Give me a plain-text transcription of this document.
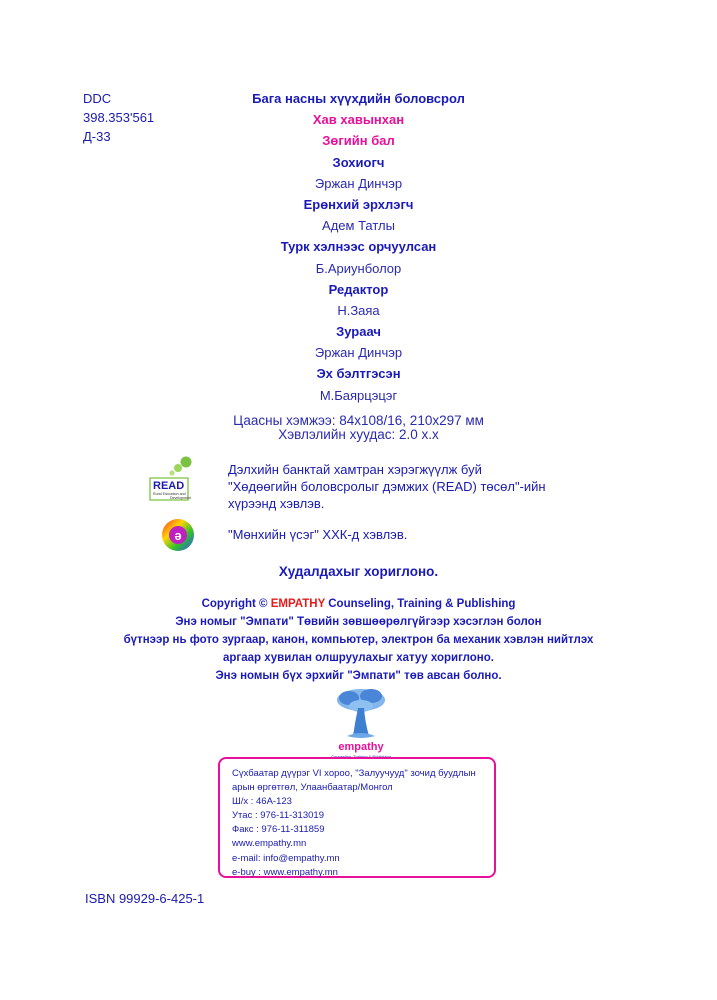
DDC
398.353'561
Д-33
Бага насны хүүхдийн боловсрол
Хав хавынхан
Зөгийн бал
Зохиогч
Эржан Динчэр
Ерөнхий эрхлэгч
Адем Татлы
Турк хэлнээс орчуулсан
Б.Ариунболор
Редактор
Н.Заяа
Зураач
Эржан Динчэр
Эх бэлтгэсэн
М.Баярцэцэг
Цаасны хэмжээ: 84x108/16, 210x297 мм
Хэвлэлийн хуудас: 2.0 х.х
READ
Rural Education and
Development
Дэлхийн банктай хамтран хэрэгжүүлж буй
"Хөдөөгийн боловсролыг дэмжих (READ) төсөл"-ийн
хүрээнд хэвлэв.
ə	"Мөнхийн үсэг" ХХК-д хэвлэв.
Худалдахыг хориглоно.
Copyright © EMPATHY Counseling, Training & Publishing
Энэ номыг "Эмпати" Төвийн зөвшөөрөлгүйгээр хэсэглэн болон
бүтнээр нь фото зургаар, канон, компьютер, электрон ба механик хэвлэн нийтлэх
аргаар хувилан олшруулахыг хатуу хориглоно.
Энэ номын бүх эрхийг "Эмпати" төв авсан болно.
empathy
Counseling, Training & Publishing
Сүхбаатар дүүрэг VI хороо, "Залуучууд" зочид буудлын
арын өргөтгөл, Улаанбаатар/Монгол
Ш/х : 46А-123
Утас : 976-11-313019
Факс : 976-11-311859
www.empathy.mn
e-mail: info@empathy.mn
e-buy : www.empathy.mn
ISBN 99929-6-425-1
